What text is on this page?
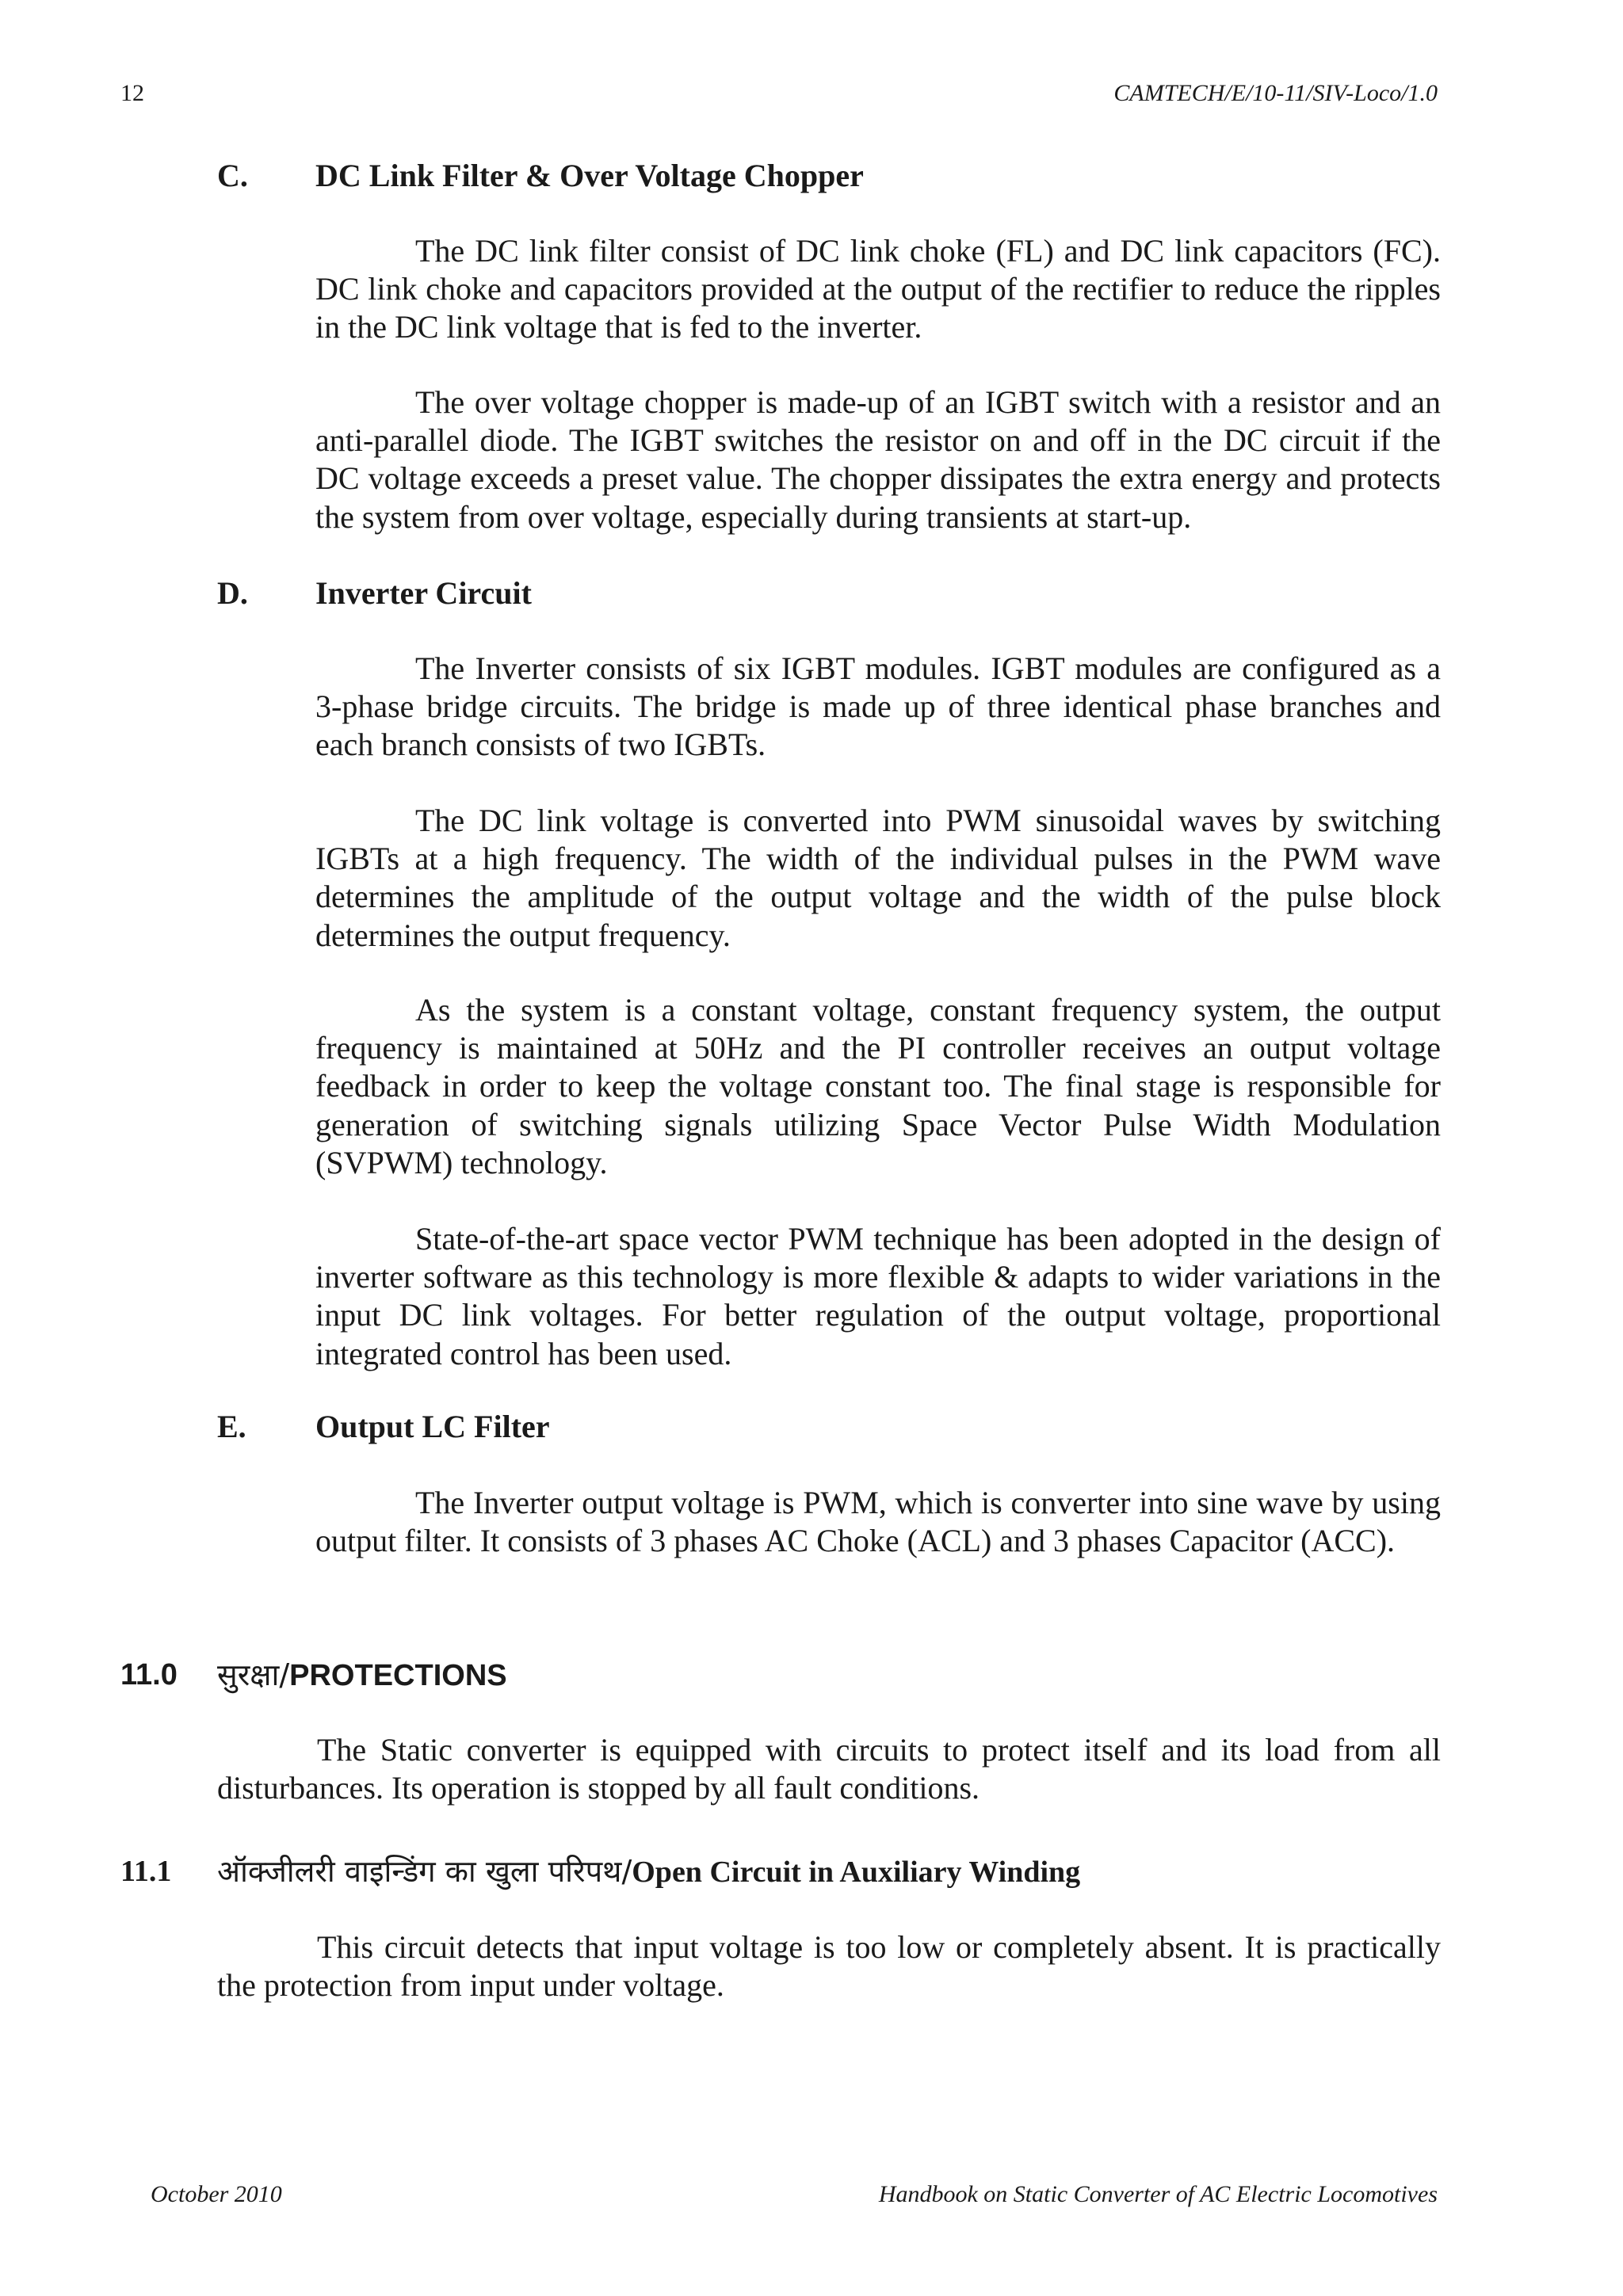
12	CAMTECH/E/10-11/SIV-Loco/1.0
C. DC Link Filter & Over Voltage Chopper

The DC link filter consist of DC link choke (FL) and DC link capacitors (FC). DC link choke and capacitors provided at the output of the rectifier to reduce the ripples in the DC link voltage that is fed to the inverter.

The over voltage chopper is made-up of an IGBT switch with a resistor and an anti-parallel diode. The IGBT switches the resistor on and off in the DC circuit if the DC voltage exceeds a preset value. The chopper dissipates the extra energy and protects the system from over voltage, especially during transients at start-up.

D. Inverter Circuit

The Inverter consists of six IGBT modules. IGBT modules are configured as a 3-phase bridge circuits. The bridge is made up of three identical phase branches and each branch consists of two IGBTs.

The DC link voltage is converted into PWM sinusoidal waves by switching IGBTs at a high frequency. The width of the individual pulses in the PWM wave determines the amplitude of the output voltage and the width of the pulse block determines the output frequency.

As the system is a constant voltage, constant frequency system, the output frequency is maintained at 50Hz and the PI controller receives an output voltage feedback in order to keep the voltage constant too. The final stage is responsible for generation of switching signals utilizing Space Vector Pulse Width Modulation (SVPWM) technology.

State-of-the-art space vector PWM technique has been adopted in the design of inverter software as this technology is more flexible & adapts to wider variations in the input DC link voltages. For better regulation of the output voltage, proportional integrated control has been used.

E. Output LC Filter

The Inverter output voltage is PWM, which is converter into sine wave by using output filter. It consists of 3 phases AC Choke (ACL) and 3 phases Capacitor (ACC).

11.0 सुरक्षा/PROTECTIONS

The Static converter is equipped with circuits to protect itself and its load from all disturbances. Its operation is stopped by all fault conditions.

11.1 ऑक्जीलरी वाइन्डिंग का खुला परिपथ/Open Circuit in Auxiliary Winding

This circuit detects that input voltage is too low or completely absent. It is practically the protection from input under voltage.

October 2010	Handbook on Static Converter of AC Electric Locomotives
